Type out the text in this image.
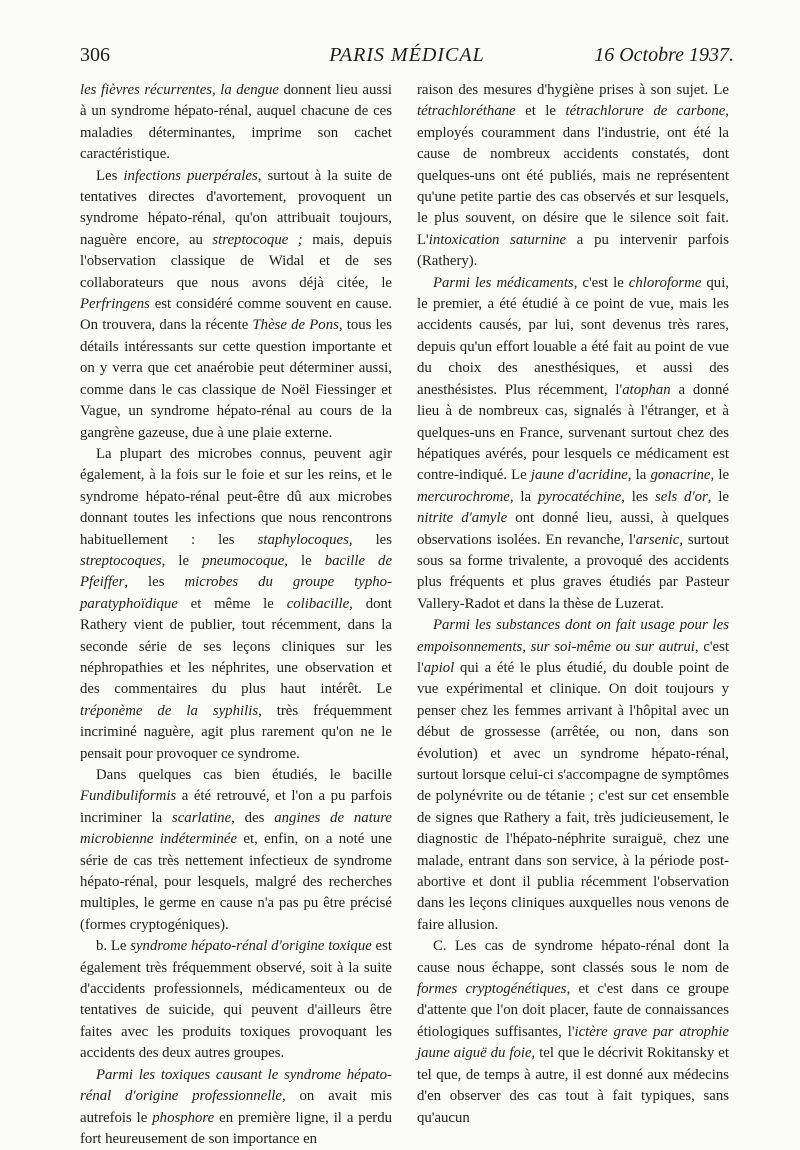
306	PARIS MÉDICAL	16 Octobre 1937.

les fièvres récurrentes, la dengue donnent lieu aussi à un syndrome hépato-rénal, auquel chacune de ces maladies déterminantes, imprime son cachet caractéristique.

Les infections puerpérales, surtout à la suite de tentatives directes d'avortement, provoquent un syndrome hépato-rénal, qu'on attribuait toujours, naguère encore, au streptocoque ; mais, depuis l'observation classique de Widal et de ses collaborateurs que nous avons déjà citée, le Perfringens est considéré comme souvent en cause. On trouvera, dans la récente Thèse de Pons, tous les détails intéressants sur cette question importante et on y verra que cet anaérobie peut déterminer aussi, comme dans le cas classique de Noël Fiessinger et Vague, un syndrome hépato-rénal au cours de la gangrène gazeuse, due à une plaie externe.

La plupart des microbes connus, peuvent agir également, à la fois sur le foie et sur les reins, et le syndrome hépato-rénal peut-être dû aux microbes donnant toutes les infections que nous rencontrons habituellement : les staphylocoques, les streptocoques, le pneumocoque, le bacille de Pfeiffer, les microbes du groupe typho-paratyphoïdique et même le colibacille, dont Rathery vient de publier, tout récemment, dans la seconde série de ses leçons cliniques sur les néphropathies et les néphrites, une observation et des commentaires du plus haut intérêt. Le tréponème de la syphilis, très fréquemment incriminé naguère, agit plus rarement qu'on ne le pensait pour provoquer ce syndrome.

Dans quelques cas bien étudiés, le bacille Fundibuliformis a été retrouvé, et l'on a pu parfois incriminer la scarlatine, des angines de nature microbienne indéterminée et, enfin, on a noté une série de cas très nettement infectieux de syndrome hépato-rénal, pour lesquels, malgré des recherches multiples, le germe en cause n'a pas pu être précisé (formes cryptogéniques).

b. Le syndrome hépato-rénal d'origine toxique est également très fréquemment observé, soit à la suite d'accidents professionnels, médicamenteux ou de tentatives de suicide, qui peuvent d'ailleurs être faites avec les produits toxiques provoquant les accidents des deux autres groupes.

Parmi les toxiques causant le syndrome hépato-rénal d'origine professionnelle, on avait mis autrefois le phosphore en première ligne, il a perdu fort heureusement de son importance en

raison des mesures d'hygiène prises à son sujet. Le tétrachloréthane et le tétrachlorure de carbone, employés couramment dans l'industrie, ont été la cause de nombreux accidents constatés, dont quelques-uns ont été publiés, mais ne représentent qu'une petite partie des cas observés et sur lesquels, le plus souvent, on désire que le silence soit fait. L'intoxication saturnine a pu intervenir parfois (Rathery).

Parmi les médicaments, c'est le chloroforme qui, le premier, a été étudié à ce point de vue, mais les accidents causés, par lui, sont devenus très rares, depuis qu'un effort louable a été fait au point de vue du choix des anesthésiques, et aussi des anesthésistes. Plus récemment, l'atophan a donné lieu à de nombreux cas, signalés à l'étranger, et à quelques-uns en France, survenant surtout chez des hépatiques avérés, pour lesquels ce médicament est contre-indiqué. Le jaune d'acridine, la gonacrine, le mercurochrome, la pyrocatéchine, les sels d'or, le nitrite d'amyle ont donné lieu, aussi, à quelques observations isolées. En revanche, l'arsenic, surtout sous sa forme trivalente, a provoqué des accidents plus fréquents et plus graves étudiés par Pasteur Vallery-Radot et dans la thèse de Luzerat.

Parmi les substances dont on fait usage pour les empoisonnements, sur soi-même ou sur autrui, c'est l'apiol qui a été le plus étudié, du double point de vue expérimental et clinique. On doit toujours y penser chez les femmes arrivant à l'hôpital avec un début de grossesse (arrêtée, ou non, dans son évolution) et avec un syndrome hépato-rénal, surtout lorsque celui-ci s'accompagne de symptômes de polynévrite ou de tétanie ; c'est sur cet ensemble de signes que Rathery a fait, très judicieusement, le diagnostic de l'hépato-néphrite suraiguë, chez une malade, entrant dans son service, à la période post-abortive et dont il publia récemment l'observation dans les leçons cliniques auxquelles nous venons de faire allusion.

C. Les cas de syndrome hépato-rénal dont la cause nous échappe, sont classés sous le nom de formes cryptogénétiques, et c'est dans ce groupe d'attente que l'on doit placer, faute de connaissances étiologiques suffisantes, l'ictère grave par atrophie jaune aiguë du foie, tel que le décrivit Rokitansky et tel que, de temps à autre, il est donné aux médecins d'en observer des cas tout à fait typiques, sans qu'aucun
